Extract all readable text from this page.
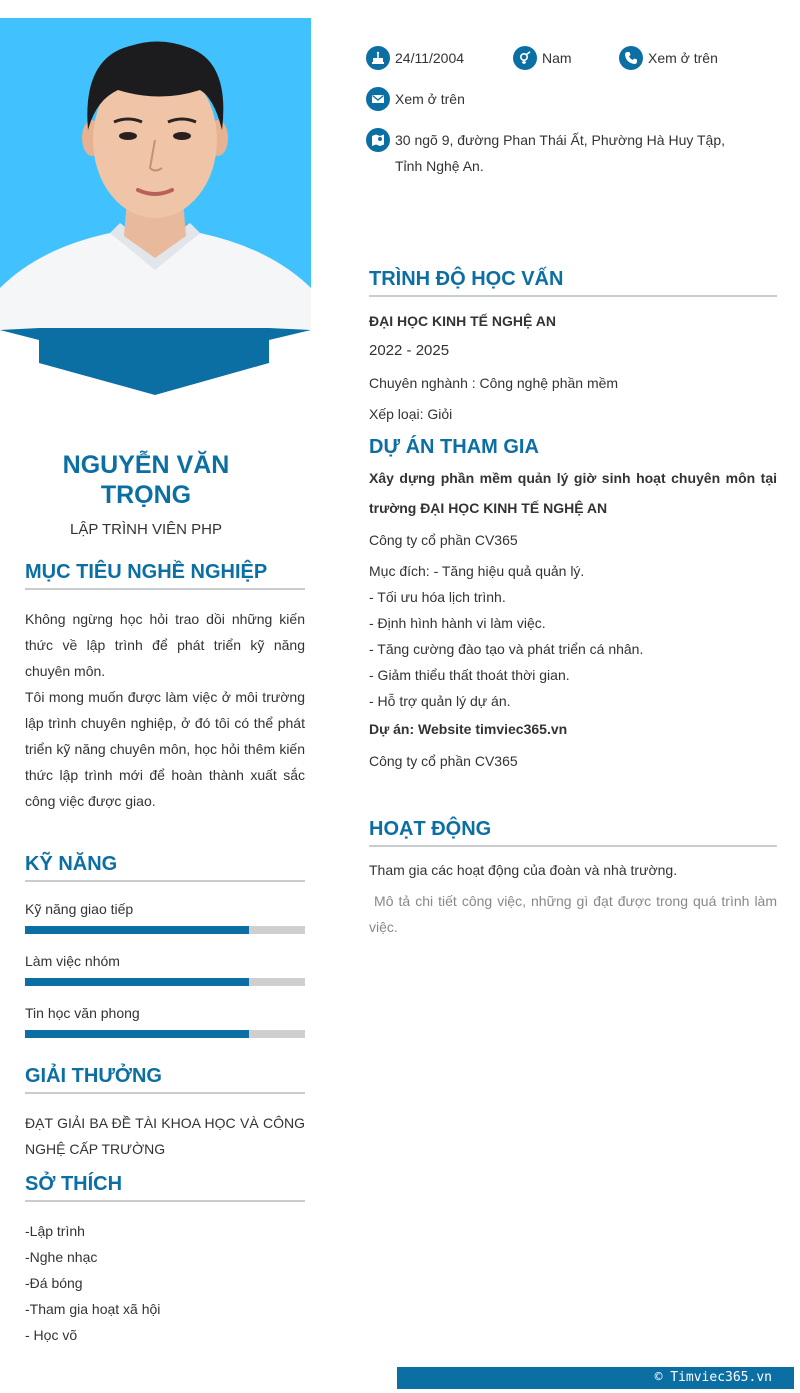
NGUYỄN VĂN TRỌNG
LẬP TRÌNH VIÊN PHP
MỤC TIÊU NGHỀ NGHIỆP

Không ngừng học hỏi trao dồi những kiến thức về lập trình để phát triển kỹ năng chuyên môn.

Tôi mong muốn được làm việc ở môi trường lập trình chuyên nghiệp, ở đó tôi có thể phát triển kỹ năng chuyên môn, học hỏi thêm kiến thức lập trình mới để hoàn thành xuất sắc công việc được giao.

KỸ NĂNG
Kỹ năng giao tiếp
Làm việc nhóm
Tin học văn phong
GIẢI THƯỞNG

ĐẠT GIẢI BA ĐỀ TÀI KHOA HỌC VÀ CÔNG NGHỆ CẤP TRƯỜNG

SỞ THÍCH
-Lập trình
-Nghe nhạc
-Đá bóng
-Tham gia hoạt xã hội
- Học võ
24/11/2004	Nam	Xem ở trên
Xem ở trên
30 ngõ 9, đường Phan Thái Ất, Phường Hà Huy Tập,
Tỉnh Nghệ An.
TRÌNH ĐỘ HỌC VẤN
ĐẠI HỌC KINH TẾ NGHỆ AN
2022 - 2025
Chuyên nghành : Công nghệ phần mềm
Xếp loại: Giỏi
DỰ ÁN THAM GIA
Xây dựng phần mềm quản lý giờ sinh hoạt chuyên môn tại trường ĐẠI HỌC KINH TẾ NGHỆ AN
Công ty cổ phần CV365
Mục đích: - Tăng hiệu quả quản lý.
- Tối ưu hóa lịch trình.
- Định hình hành vi làm việc.
- Tăng cường đào tạo và phát triển cá nhân.
- Giảm thiểu thất thoát thời gian.
- Hỗ trợ quản lý dự án.
Dự án: Website timviec365.vn
Công ty cổ phần CV365
HOẠT ĐỘNG
Tham gia các hoạt động của đoàn và nhà trường.
Mô tả chi tiết công việc, những gì đạt được trong quá trình làm việc.
© Timviec365.vn
